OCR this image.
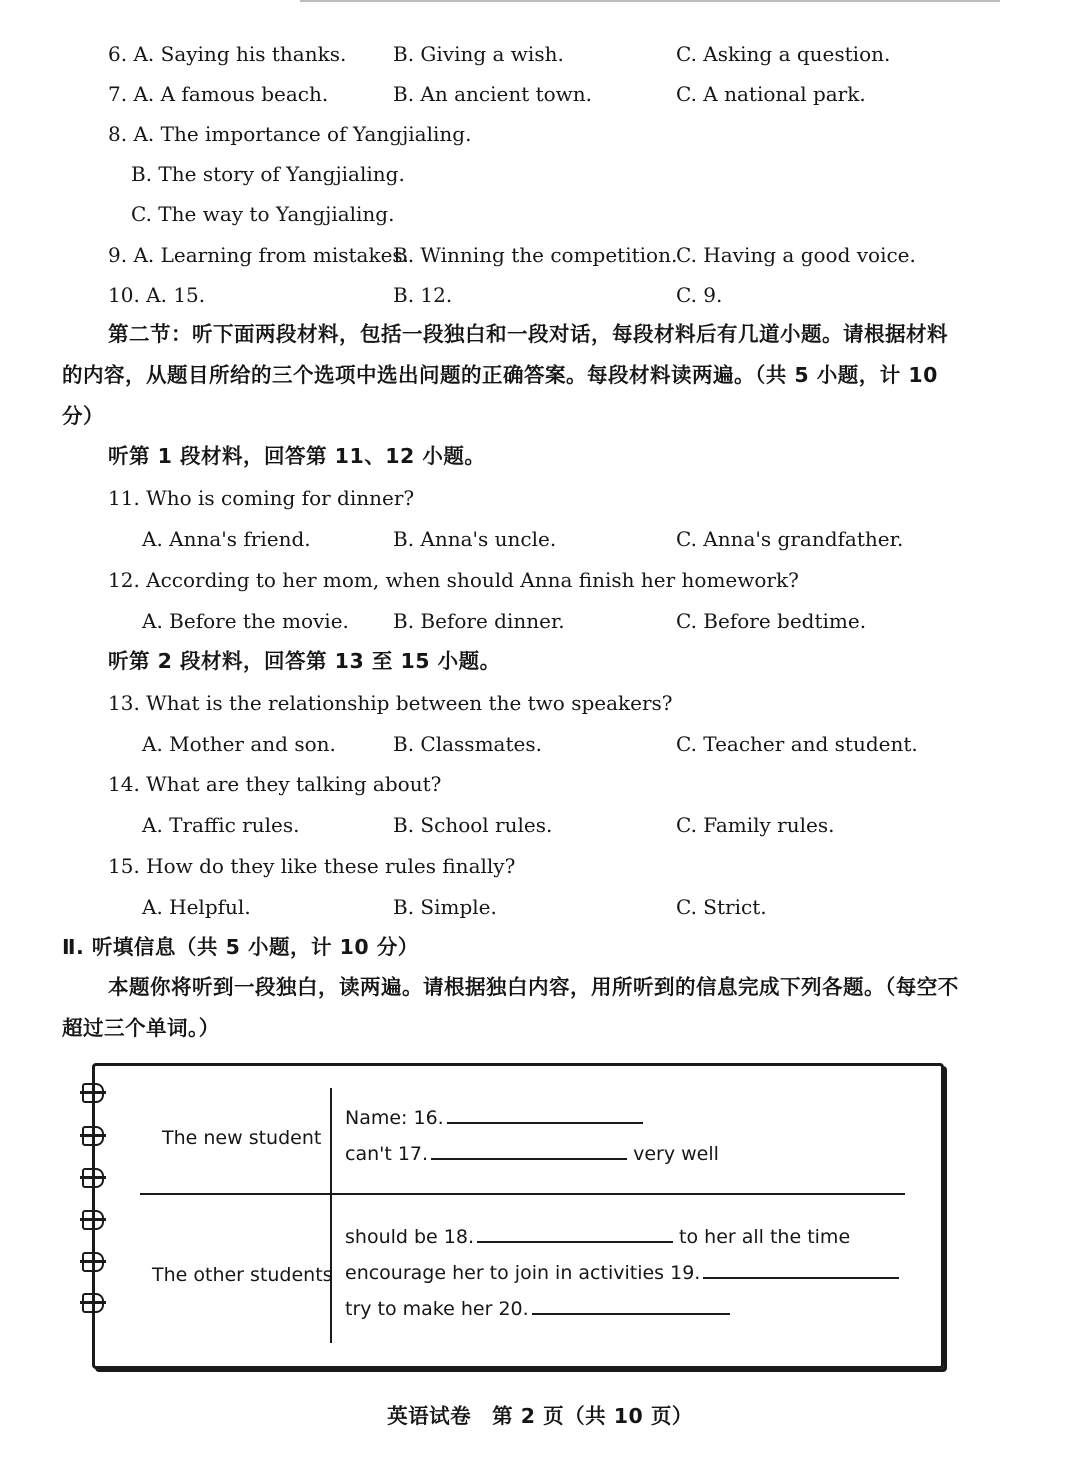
6. A. Saying his thanks. B. Giving a wish.	C. Asking a question.
7. A. A famous beach.	B. An ancient town.	C. A national park.
8. A. The importance of Yangjialing.
B. The story of Yangjialing.
C. The way to Yangjialing.
9. A. Learning from mistakes.
B. Winning the competition.
C. Having a good voice.
10. A. 15.	B. 12.	C. 9.
第二节：听下面两段材料，包括一段独白和一段对话，每段材料后有几道小题。请根据材料的内容，从题目所给的三个选项中选出问题的正确答案。每段材料读两遍。（共 5 小题，计 10 分）
听第 1 段材料，回答第 11、12 小题。
11. Who is coming for dinner?
A. Anna's friend.	B. Anna's uncle.	C. Anna's grandfather.
12. According to her mom, when should Anna finish her homework?
A. Before the movie. B. Before dinner.	C. Before bedtime.
听第 2 段材料，回答第 13 至 15 小题。
13. What is the relationship between the two speakers?
A. Mother and son.	B. Classmates.	C. Teacher and student.
14. What are they talking about?
A. Traffic rules.	B. School rules.	C. Family rules.
15. How do they like these rules finally?
A. Helpful.	B. Simple.	C. Strict.
Ⅱ. 听填信息（共 5 小题，计 10 分）
本题你将听到一段独白，读两遍。请根据独白内容，用所听到的信息完成下列各题。（每空不超过三个单词。）
The new student
Name: 16.
can't 17.	very well
The other students
should be 18.	to her all the time
encourage her to join in activities 19.
try to make her 20.
英语试卷　第 2 页（共 10 页）
